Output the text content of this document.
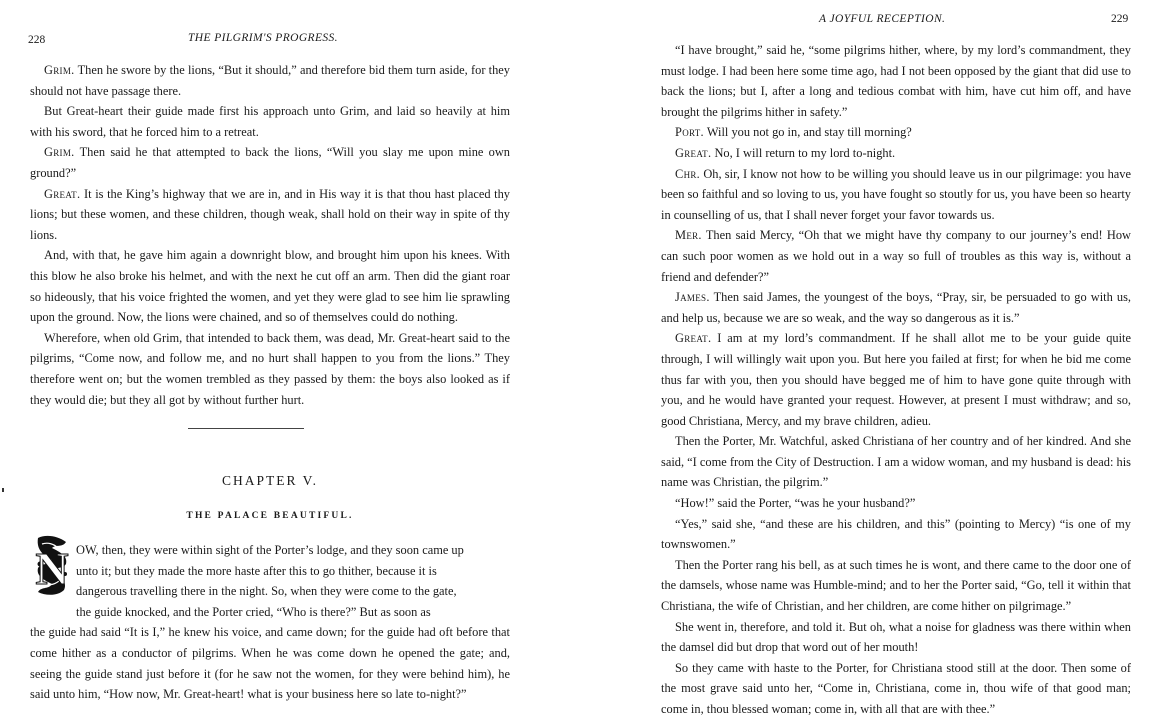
228	THE PILGRIM'S PROGRESS.

Grim. Then he swore by the lions, “But it should,” and therefore bid them turn aside, for they should not have passage there.

But Great-heart their guide made first his approach unto Grim, and laid so heavily at him with his sword, that he forced him to a retreat.

Grim. Then said he that attempted to back the lions, “Will you slay me upon mine own ground?”

Great. It is the King’s highway that we are in, and in His way it is that thou hast placed thy lions; but these women, and these children, though weak, shall hold on their way in spite of thy lions.

And, with that, he gave him again a downright blow, and brought him upon his knees. With this blow he also broke his helmet, and with the next he cut off an arm. Then did the giant roar so hideously, that his voice frighted the women, and yet they were glad to see him lie sprawling upon the ground. Now, the lions were chained, and so of themselves could do nothing.

Wherefore, when old Grim, that intended to back them, was dead, Mr. Great-heart said to the pilgrims, “Come now, and follow me, and no hurt shall happen to you from the lions.” They therefore went on; but the women trembled as they passed by them: the boys also looked as if they would die; but they all got by without further hurt.

CHAPTER V.
THE PALACE BEAUTIFUL.
N OW, then, they were within sight of the Porter’s lodge, and they soon came up
unto it; but they made the more haste after this to go thither, because it is
dangerous travelling there in the night. So, when they were come to the gate,
the guide knocked, and the Porter cried, “Who is there?” But as soon as
the guide had said “It is I,” he knew his voice, and came down; for the guide had oft before that come hither as a conductor of pilgrims. When he was come down he opened the gate; and, seeing the guide stand just before it (for he saw not the women, for they were behind him), he said unto him, “How now, Mr. Great-heart! what is your business here so late to-night?”

A JOYFUL RECEPTION.	229

“I have brought,” said he, “some pilgrims hither, where, by my lord’s commandment, they must lodge. I had been here some time ago, had I not been opposed by the giant that did use to back the lions; but I, after a long and tedious combat with him, have cut him off, and have brought the pilgrims hither in safety.”

Port. Will you not go in, and stay till morning?

Great. No, I will return to my lord to-night.

Chr. Oh, sir, I know not how to be willing you should leave us in our pilgrimage: you have been so faithful and so loving to us, you have fought so stoutly for us, you have been so hearty in counselling of us, that I shall never forget your favor towards us.

Mer. Then said Mercy, “Oh that we might have thy company to our journey’s end! How can such poor women as we hold out in a way so full of troubles as this way is, without a friend and defender?”

James. Then said James, the youngest of the boys, “Pray, sir, be persuaded to go with us, and help us, because we are so weak, and the way so dangerous as it is.”

Great. I am at my lord’s commandment. If he shall allot me to be your guide quite through, I will willingly wait upon you. But here you failed at first; for when he bid me come thus far with you, then you should have begged me of him to have gone quite through with you, and he would have granted your request. However, at present I must withdraw; and so, good Christiana, Mercy, and my brave children, adieu.

Then the Porter, Mr. Watchful, asked Christiana of her country and of her kindred. And she said, “I come from the City of Destruction. I am a widow woman, and my husband is dead: his name was Christian, the pilgrim.”

“How!” said the Porter, “was he your husband?”

“Yes,” said she, “and these are his children, and this” (pointing to Mercy) “is one of my townswomen.”

Then the Porter rang his bell, as at such times he is wont, and there came to the door one of the damsels, whose name was Humble-mind; and to her the Porter said, “Go, tell it within that Christiana, the wife of Christian, and her children, are come hither on pilgrimage.”

She went in, therefore, and told it. But oh, what a noise for gladness was there within when the damsel did but drop that word out of her mouth!

So they came with haste to the Porter, for Christiana stood still at the door. Then some of the most grave said unto her, “Come in, Christiana, come in, thou wife of that good man; come in, thou blessed woman; come in, with all that are with thee.”
